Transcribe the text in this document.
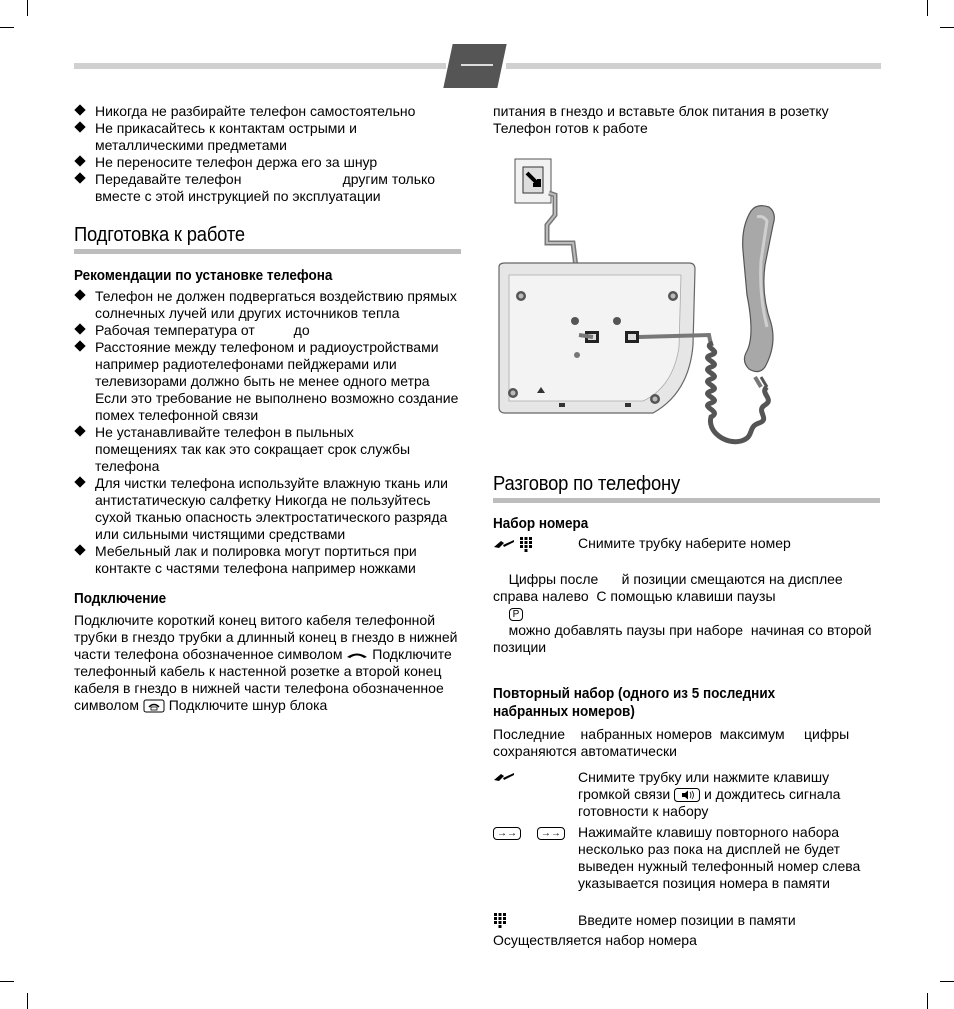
Никогда не разбирайте телефон самостоятельно

Не прикасайтесь к контактам острыми и металлическими предметами

Не переносите телефон держа его за шнур

Передавайте телефон                          другим только вместе с этой инструкцией по эксплуатации

Подготовка к работе
Рекомендации по установке телефона

Телефон не должен подвергаться воздействию прямых солнечных лучей или других источников тепла

Рабочая температура от          до

Расстояние между телефоном и радиоустройствами например радиотелефонами пейджерами или телевизорами должно быть не менее одного метра Если это требование не выполнено возможно создание помех телефонной связи

Не устанавливайте телефон в пыльных помещениях так как это сокращает срок службы телефона

Для чистки телефона используйте влажную ткань или антистатическую салфетку Никогда не пользуйтесь сухой тканью опасность электростатического разряда или сильными чистящими средствами

Мебельный лак и полировка могут портиться при контакте с частями телефона например ножками

Подключение

Подключите короткий конец витого кабеля телефонной трубки в гнездо трубки а длинный конец в гнездо в нижней части телефона обозначенное символом Подключите телефонный кабель к настенной розетке а второй конец кабеля в гнездо в нижней части телефона обозначенное символом Подключите шнур блока

питания в гнездо и вставьте блок питания в розетку Телефон готов к работе

Разговор по телефону
Набор номера

Снимите трубку наберите номер

Цифры после      й позиции смещаются на дисплее справа налево  С помощью клавиши паузы
P
можно добавлять паузы при наборе  начиная со второй позиции

Повторный набор (одного из 5 последних
набранных номеров)

Последние    набранных номеров  максимум     цифры сохраняются автоматически

Снимите трубку или нажмите клавишу громкой связи и дождитесь сигнала готовности к набору
→→ →→ Нажимайте клавишу повторного набора несколько раз пока на дисплей не будет выведен нужный телефонный номер слева указывается позиция номера в памяти
Введите номер позиции в памяти

Осуществляется набор номера
